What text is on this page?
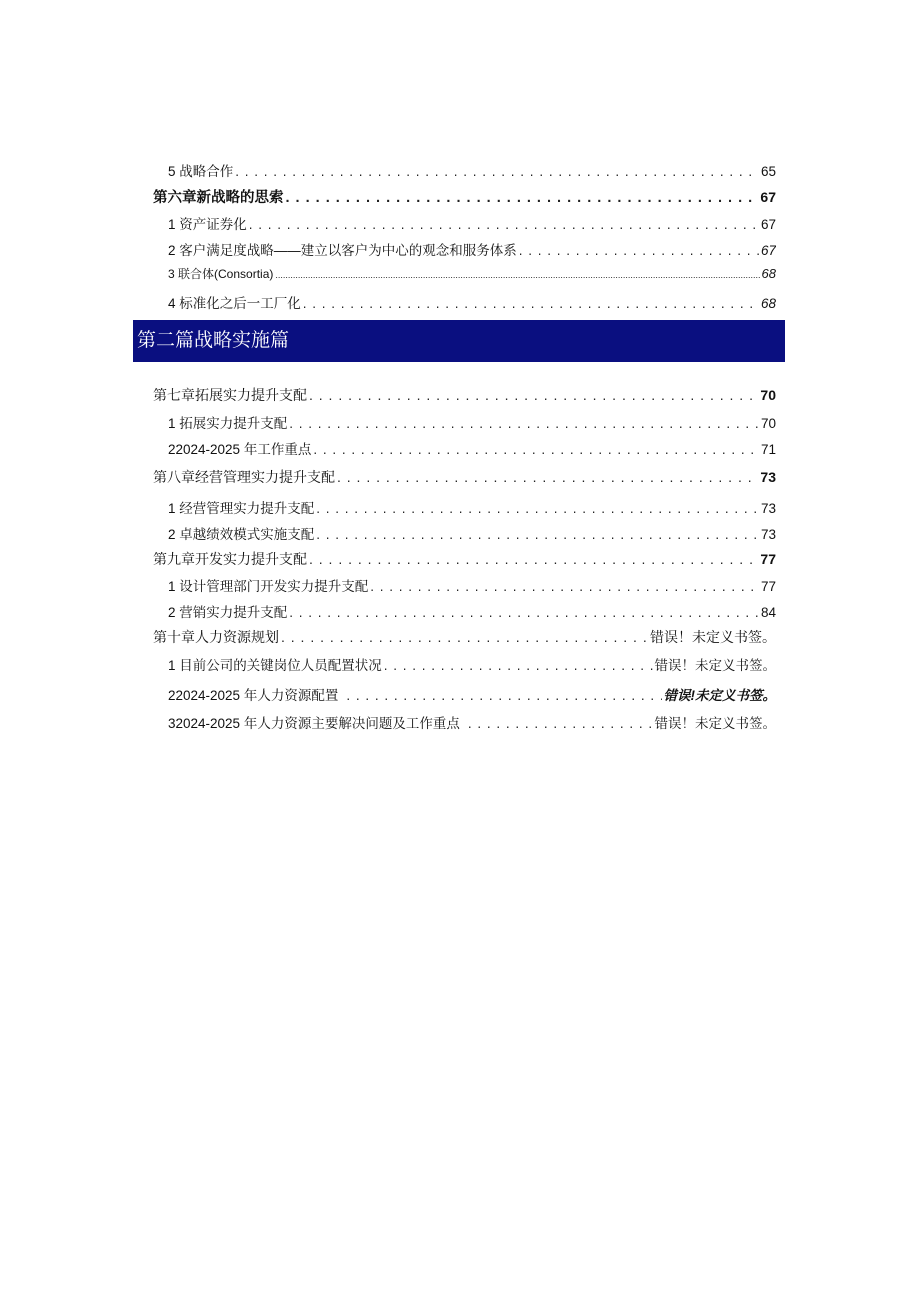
5 战略合作 . . .	65
第六章新战略的思索 . . .	67
1 资产证券化 . . .	67
2 客户满足度战略——建立以客户为中心的观念和服务体系 . . .	67
3 联合体(Consortia) .....	68
4 标准化之后一工厂化 . . .	68
第二篇战略实施篇
第七章拓展实力提升支配 . . .	70
1 拓展实力提升支配 . . .	70
22024-2025 年工作重点 . . .	71
第八章经营管理实力提升支配 . . .	73
1 经营管理实力提升支配 . . .	73
2 卓越绩效模式实施支配 . . .	73
第九章开发实力提升支配 . . .	77
1 设计管理部门开发实力提升支配 . . .	77
2 营销实力提升支配 . . .	84
第十章人力资源规划 . . .	错误！未定义书签。
1 目前公司的关键岗位人员配置状况 . . .	错误！未定义书签。
22024-2025 年人力资源配置 . . .	错误!未定义书签。
32024-2025 年人力资源主要解决问题及工作重点 . . .	错误！未定义书签。
